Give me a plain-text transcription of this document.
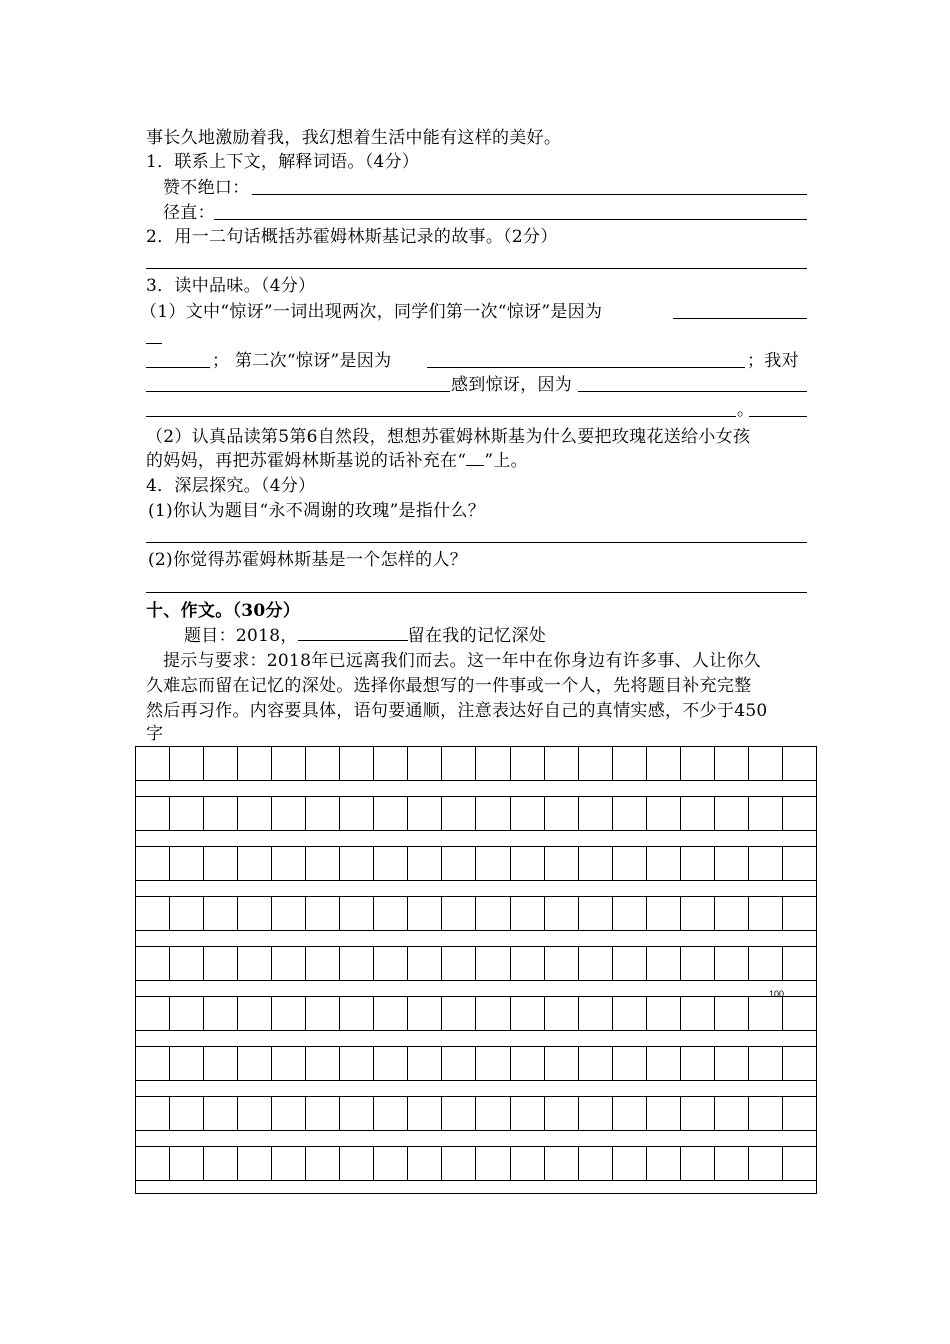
事长久地激励着我，我幻想着生活中能有这样的美好。
1．联系上下文，解释词语。（4分）
赞不绝口：
径直：
2．用一二句话概括苏霍姆林斯基记录的故事。（2分）
3．读中品味。（4分）
（1）文中“惊讶”一词出现两次，同学们第一次“惊讶”是因为
； 第二次“惊讶”是因为	；我对
感到惊讶，因为
。
（2）认真品读第5第6自然段，想想苏霍姆林斯基为什么要把玫瑰花送给小女孩
的妈妈，再把苏霍姆林斯基说的话补充在“ ”上。
4．深层探究。（4分）
(1)你认为题目“永不凋谢的玫瑰”是指什么？
(2)你觉得苏霍姆林斯基是一个怎样的人？
十、作文。（30分）
题目：2018，	留在我的记忆深处
提示与要求：2018年已远离我们而去。这一年中在你身边有许多事、人让你久
久难忘而留在记忆的深处。选择你最想写的一件事或一个人，先将题目补充完整
然后再习作。内容要具体，语句要通顺，注意表达好自己的真情实感，不少于450
字
100
